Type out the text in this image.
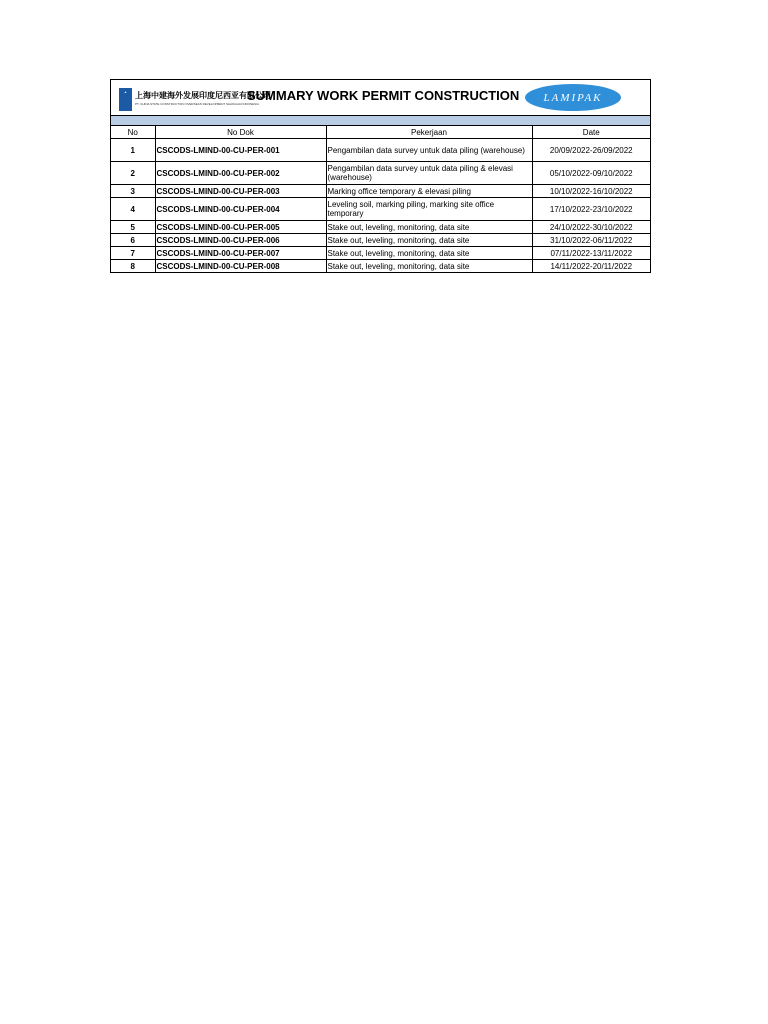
▲	上海中建海外发展印度尼西亚有限公司
PT. CHINA STATE CONSTRUCTION OVERSEAS DEVELOPMENT SHANGHAI INDONESIA
SUMMARY WORK PERMIT CONSTRUCTION	LAMIPAK
No	No Dok	Pekerjaan	Date
1	CSCODS-LMIND-00-CU-PER-001	Pengambilan data survey untuk data piling (warehouse)	20/09/2022-26/09/2022
2	CSCODS-LMIND-00-CU-PER-002	Pengambilan data survey untuk data piling & elevasi (warehouse)	05/10/2022-09/10/2022
3	CSCODS-LMIND-00-CU-PER-003	Marking office temporary & elevasi piling	10/10/2022-16/10/2022
4	CSCODS-LMIND-00-CU-PER-004	Leveling soil, marking piling, marking site office temporary	17/10/2022-23/10/2022
5	CSCODS-LMIND-00-CU-PER-005	Stake out, leveling, monitoring, data site	24/10/2022-30/10/2022
6	CSCODS-LMIND-00-CU-PER-006	Stake out, leveling, monitoring, data site	31/10/2022-06/11/2022
7	CSCODS-LMIND-00-CU-PER-007	Stake out, leveling, monitoring, data site	07/11/2022-13/11/2022
8	CSCODS-LMIND-00-CU-PER-008	Stake out, leveling, monitoring, data site	14/11/2022-20/11/2022
